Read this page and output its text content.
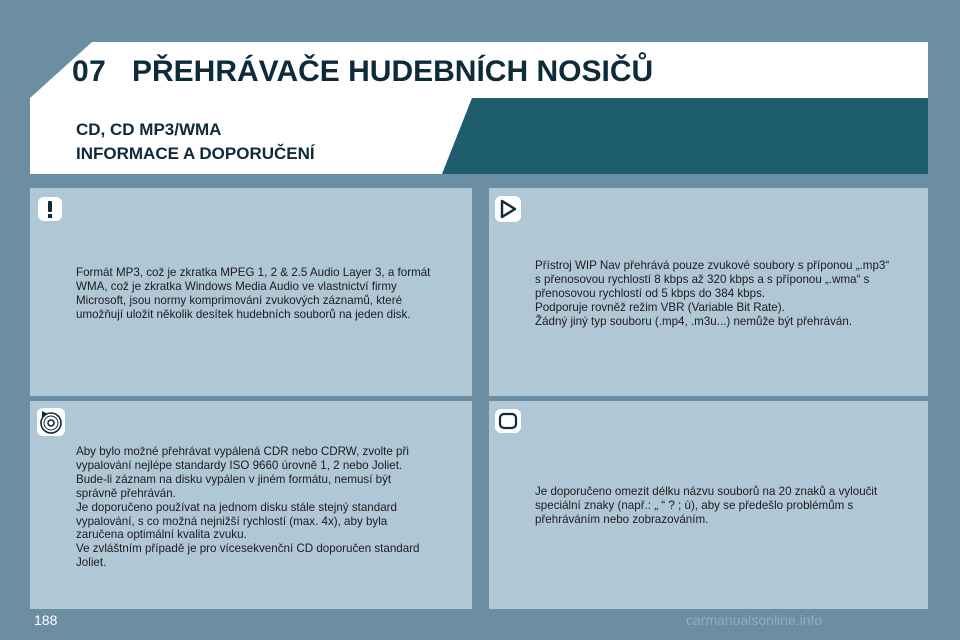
07 PŘEHRÁVAČE HUDEBNÍCH NOSIČŮ
CD, CD MP3/WMA
INFORMACE A DOPORUČENÍ
Formát MP3, což je zkratka MPEG 1, 2 & 2.5 Audio Layer 3, a formát
WMA, což je zkratka Windows Media Audio ve vlastnictví firmy
Microsoft, jsou normy komprimování zvukových záznamů, které
umožňují uložit několik desítek hudebních souborů na jeden disk.
Přístroj WIP Nav přehrává pouze zvukové soubory s příponou „.mp3“
s přenosovou rychlostí 8 kbps až 320 kbps a s příponou „.wma“ s
přenosovou rychlostí od 5 kbps do 384 kbps.
Podporuje rovněž režim VBR (Variable Bit Rate).
Žádný jiný typ souboru (.mp4, .m3u...) nemůže být přehráván.
Aby bylo možné přehrávat vypálená CDR nebo CDRW, zvolte při
vypalování nejlépe standardy ISO 9660 úrovně 1, 2 nebo Joliet.
Bude-li záznam na disku vypálen v jiném formátu, nemusí být
správně přehráván.
Je doporučeno používat na jednom disku stále stejný standard
vypalování, s co možná nejnižší rychlostí (max. 4x), aby byla
zaručena optimální kvalita zvuku.
Ve zvláštním případě je pro vícesekvenční CD doporučen standard
Joliet.
Je doporučeno omezit délku názvu souborů na 20 znaků a vyloučit
speciální znaky (např.: „ “ ? ; ù), aby se předešlo problémům s
přehráváním nebo zobrazováním.
188	carmanualsonline.info
